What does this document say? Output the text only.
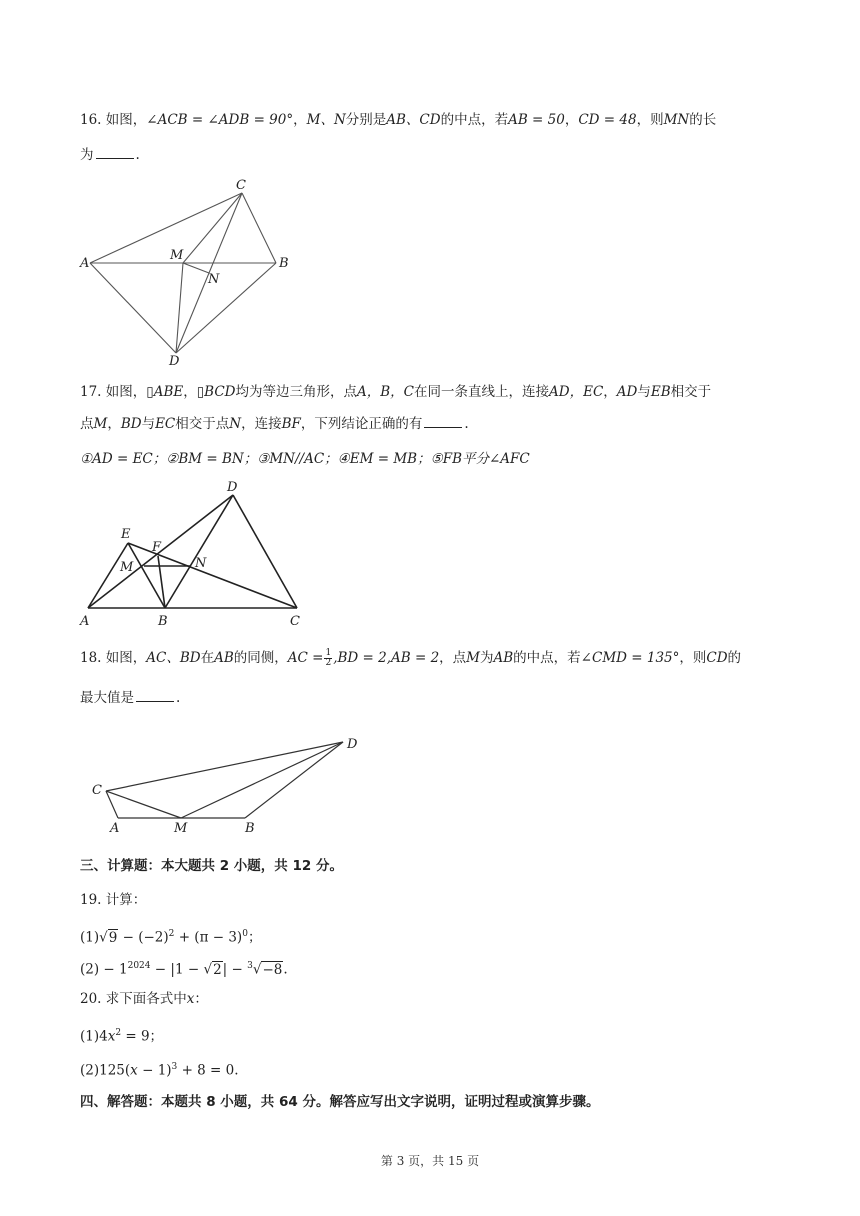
16. 如图，∠ACB = ∠ADB = 90°，M、N分别是AB、CD的中点，若AB = 50，CD = 48，则MN的长
为	.
A	B
C
D
M
N
17. 如图，▯ABE，▯BCD均为等边三角形，点A，B，C在同一条直线上，连接AD，EC，AD与EB相交于
点M，BD与EC相交于点N，连接BF，下列结论正确的有	.
①AD = EC；②BM = BN；③MN//AC；④EM = MB；⑤FB平分∠AFC
A	B	C
D
E
F
M	N
18. 如图，AC、BD在AB的同侧，AC = $\frac{1}{2} ,BD = 2,AB = 2$，点M为AB的中点，若∠CMD = 135°，则CD的
最大值是	.
A	B
C
D
M
三、计算题：本大题共 2 小题，共 12 分。
19. 计算：
$(1)√9 - (-2)^2 + (\pi - 3)^0$；
$(2) - 1^{2024} - |1 - √2| - ^3√-8$.
20. 求下面各式中x：
$(1)4x^2 = 9$；
$(2)125(x - 1)^3 + 8 = 0$.
四、解答题：本题共 8 小题，共 64 分。解答应写出文字说明，证明过程或演算步骤。
第 3 页，共 15 页
